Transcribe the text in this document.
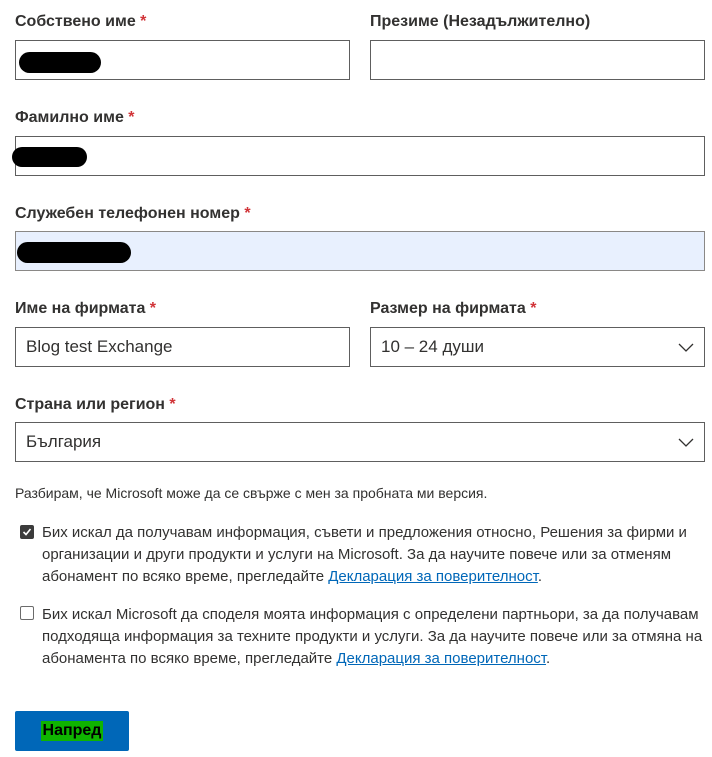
Собствено име *	Презиме (Незадължително)
Фамилно име *
Служебен телефонен номер *
Име на фирмата *
Blog test Exchange
Размер на фирмата *
10 – 24 души
Страна или регион *
България
Разбирам, че Microsoft може да се свърже с мен за пробната ми версия.
Бих искал да получавам информация, съвети и предложения относно, Решения за фирми и организации и други продукти и услуги на Microsoft. За да научите повече или за отменям абонамент по всяко време, прегледайте Декларация за поверителност.
Бих искал Microsoft да споделя моята информация с определени партньори, за да получавам подходяща информация за техните продукти и услуги. За да научите повече или за отмяна на абонамента по всяко време, прегледайте Декларация за поверителност.
Напред
